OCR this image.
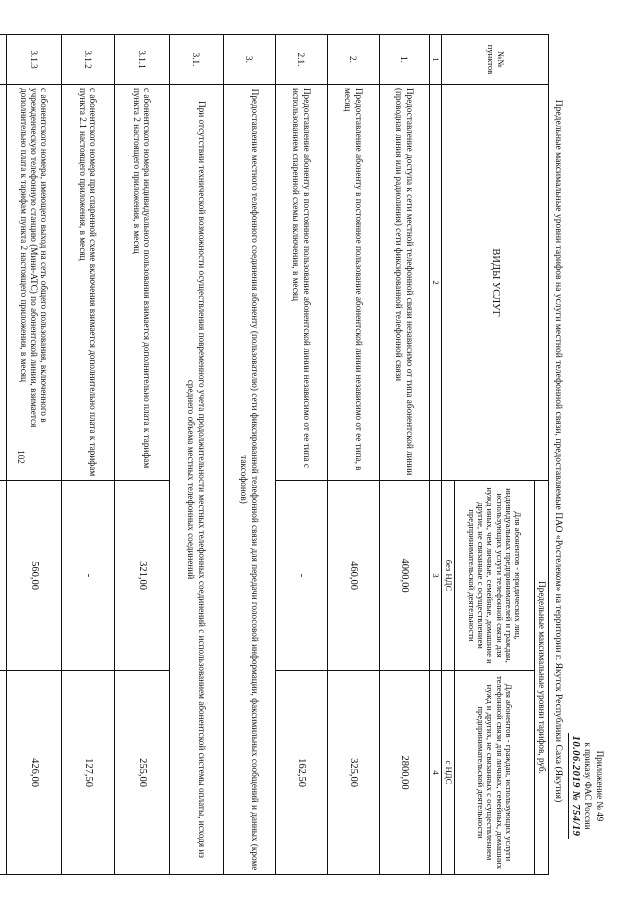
102
Приложение № 49
к приказу ФАС России
10.06.2019 № 754/19
Предельные максимальные уровни тарифов на услуги местной телефонной связи, предоставляемые ПАО «Ростелеком» на территории г. Якутск Республики Саха (Якутия)
№№ пунктов	ВИДЫ УСЛУГ	Предельные максимальные уровни тарифов, руб.	
		Для абонентов - юридических лиц, индивидуальных предпринимателей и граждан, использующих услуги телефонной связи для нужд иных, чем личные, семейные, домашние и другие, не связанные с осуществлением предпринимательской деятельности	Для абонентов - граждан, использующих услуги телефонной связи для личных, семейных, домашних нужд и других, не связанных с осуществлением предпринимательской деятельности
		без НДС	с НДС
1	2	3	4
1.	Предоставление доступа к сети местной телефонной связи независимо от типа абонентской линии (проводная линия или радиолиния) сети фиксированной телефонной связи	4000,00	2800,00
2.	Предоставление абоненту в постоянное пользование абонентской линии независимо от ее типа, в месяц	460,00	325,00
2.1.	Предоставление абоненту в постоянное пользование абонентской линии независимо от ее типа с использованием спаренной схемы включения, в месяц	-	162,50
3.	Предоставление местного телефонного соединения абоненту (пользователю) сети фиксированной телефонной связи для передачи голосовой информации, факсимильных сообщений и данных (кроме таксофонов)		
3.1.	При отсутствии технической возможности осуществления повременного учета продолжительности местных телефонных соединений с использованием абонентской системы оплаты, исходя из среднего объема местных телефонных соединений		
3.1.1	с абонентского номера индивидуального пользования взимается дополнительно плата к тарифам пункта 2 настоящего приложения, в месяц	321,00	255,00
3.1.2	с абонентского номера при спаренной схеме включения взимается дополнительно плата к тарифам пункта 2.1 настоящего приложения, в месяц	-	127,50
3.1.3	с абонентского номера, имеющего выход на сеть общего пользования, включенного в учрежденческую телефонную станцию (Мини-АТС) по абонентской линии, взимается дополнительно плата к тарифам пункта 2 настоящего приложения, в месяц	560,00	426,00
